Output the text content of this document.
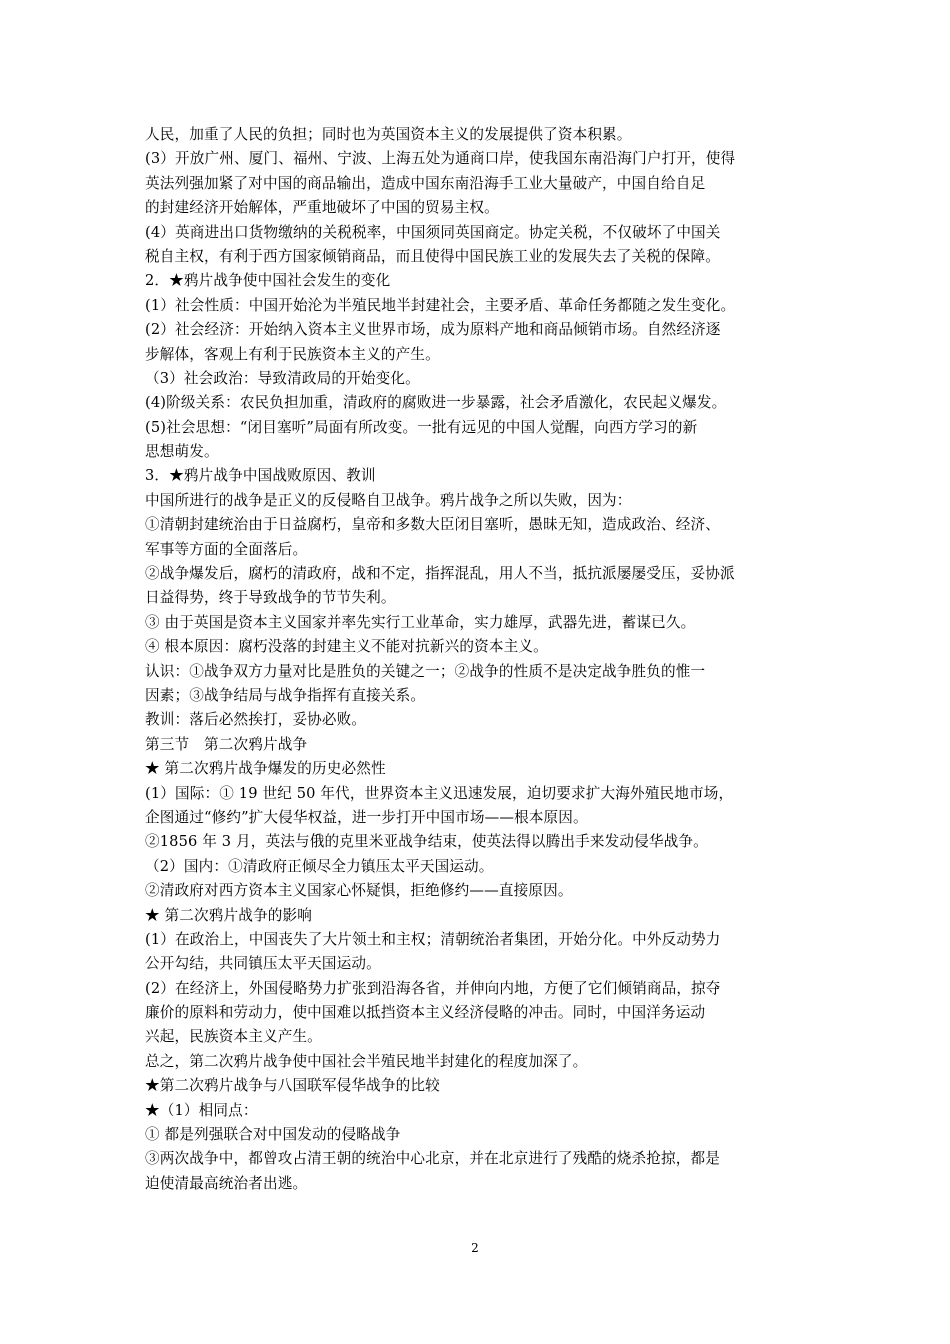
人民，加重了人民的负担；同时也为英国资本主义的发展提供了资本积累。
(3）开放广州、厦门、福州、宁波、上海五处为通商口岸，使我国东南沿海门户打开，使得
英法列强加紧了对中国的商品输出，造成中国东南沿海手工业大量破产，中国自给自足
的封建经济开始解体，严重地破坏了中国的贸易主权。
(4）英商进出口货物缴纳的关税税率，中国须同英国商定。协定关税，不仅破坏了中国关
税自主权，有利于西方国家倾销商品，而且使得中国民族工业的发展失去了关税的保障。
2．★鸦片战争使中国社会发生的变化
(1）社会性质：中国开始沦为半殖民地半封建社会，主要矛盾、革命任务都随之发生变化。
(2）社会经济：开始纳入资本主义世界市场，成为原料产地和商品倾销市场。自然经济逐
步解体，客观上有利于民族资本主义的产生。
（3）社会政治：导致清政局的开始变化。
(4)阶级关系：农民负担加重，清政府的腐败进一步暴露，社会矛盾激化，农民起义爆发。
(5)社会思想：“闭目塞听”局面有所改变。一批有远见的中国人觉醒，向西方学习的新
思想萌发。
3．★鸦片战争中国战败原因、教训
中国所进行的战争是正义的反侵略自卫战争。鸦片战争之所以失败，因为：
①清朝封建统治由于日益腐朽，皇帝和多数大臣闭目塞听，愚昧无知，造成政治、经济、
军事等方面的全面落后。
②战争爆发后，腐朽的清政府，战和不定，指挥混乱，用人不当，抵抗派屡屡受压，妥协派
日益得势，终于导致战争的节节失利。
③ 由于英国是资本主义国家并率先实行工业革命，实力雄厚，武器先进，蓄谋已久。
④ 根本原因：腐朽没落的封建主义不能对抗新兴的资本主义。
认识：①战争双方力量对比是胜负的关键之一；②战争的性质不是决定战争胜负的惟一
因素；③战争结局与战争指挥有直接关系。
教训：落后必然挨打，妥协必败。
第三节　第二次鸦片战争
★ 第二次鸦片战争爆发的历史必然性
(1）国际：① 19 世纪 50 年代，世界资本主义迅速发展，迫切要求扩大海外殖民地市场，
企图通过“修约”扩大侵华权益，进一步打开中国市场——根本原因。
②1856 年 3 月，英法与俄的克里米亚战争结束，使英法得以腾出手来发动侵华战争。
（2）国内：①清政府正倾尽全力镇压太平天国运动。
②清政府对西方资本主义国家心怀疑惧，拒绝修约——直接原因。
★ 第二次鸦片战争的影响
(1）在政治上，中国丧失了大片领土和主权；清朝统治者集团，开始分化。中外反动势力
公开勾结，共同镇压太平天国运动。
(2）在经济上，外国侵略势力扩张到沿海各省，并伸向内地，方便了它们倾销商品，掠夺
廉价的原料和劳动力，使中国难以抵挡资本主义经济侵略的冲击。同时，中国洋务运动
兴起，民族资本主义产生。
总之，第二次鸦片战争使中国社会半殖民地半封建化的程度加深了。
★第二次鸦片战争与八国联军侵华战争的比较
★（1）相同点：
① 都是列强联合对中国发动的侵略战争
③两次战争中，都曾攻占清王朝的统治中心北京，并在北京进行了残酷的烧杀抢掠，都是
迫使清最高统治者出逃。
2
